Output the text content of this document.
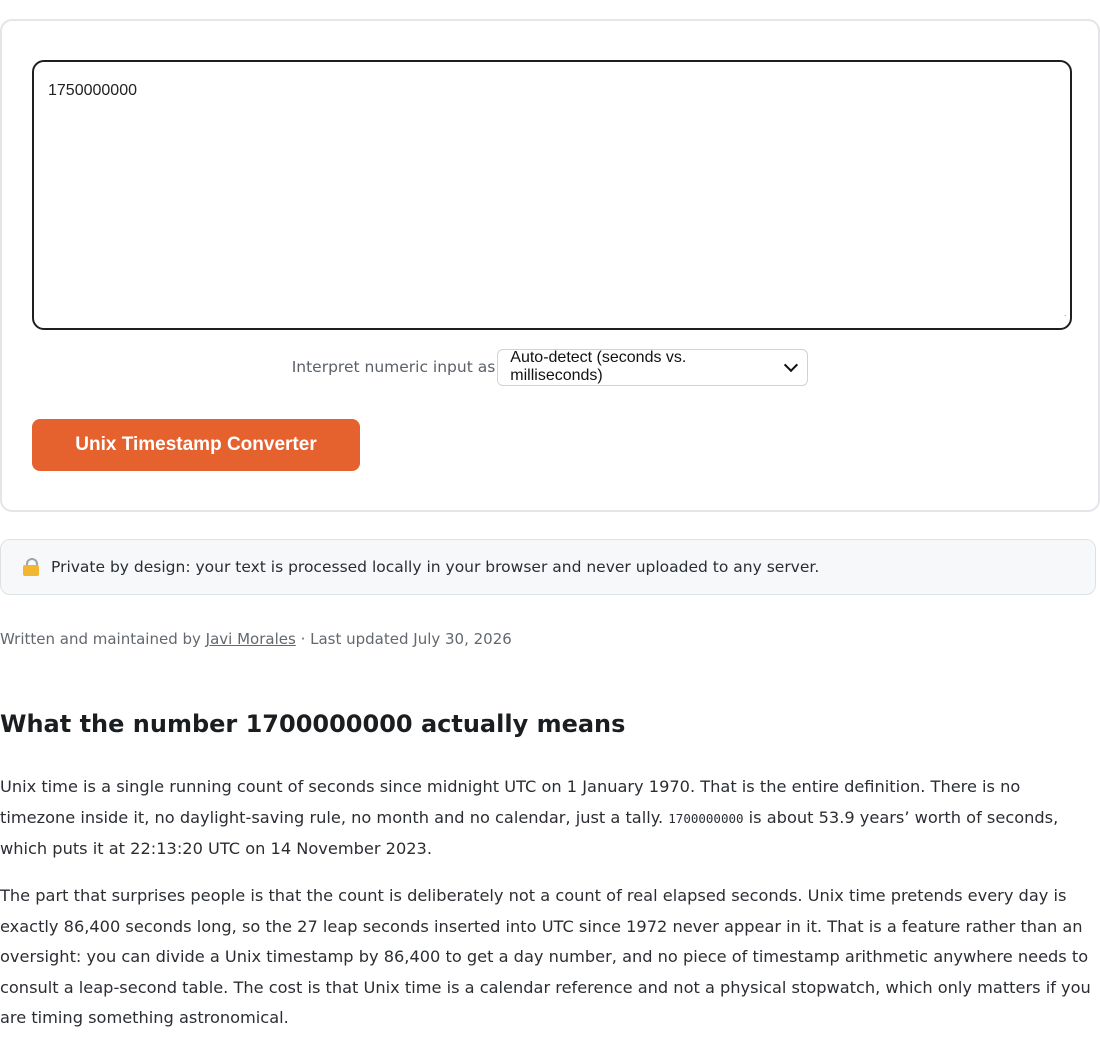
1750000000
Interpret numeric input as
Auto-detect (seconds vs. milliseconds)
Unix Timestamp Converter
Private by design: your text is processed locally in your browser and never uploaded to any server.
Written and maintained by Javi Morales · Last updated July 30, 2026
What the number 1700000000 actually means

Unix time is a single running count of seconds since midnight UTC on 1 January 1970. That is the entire definition. There is no timezone inside it, no daylight-saving rule, no month and no calendar, just a tally. 1700000000 is about 53.9 years’ worth of seconds, which puts it at 22:13:20 UTC on 14 November 2023.

The part that surprises people is that the count is deliberately not a count of real elapsed seconds. Unix time pretends every day is exactly 86,400 seconds long, so the 27 leap seconds inserted into UTC since 1972 never appear in it. That is a feature rather than an oversight: you can divide a Unix timestamp by 86,400 to get a day number, and no piece of timestamp arithmetic anywhere needs to consult a leap-second table. The cost is that Unix time is a calendar reference and not a physical stopwatch, which only matters if you are timing something astronomical.
